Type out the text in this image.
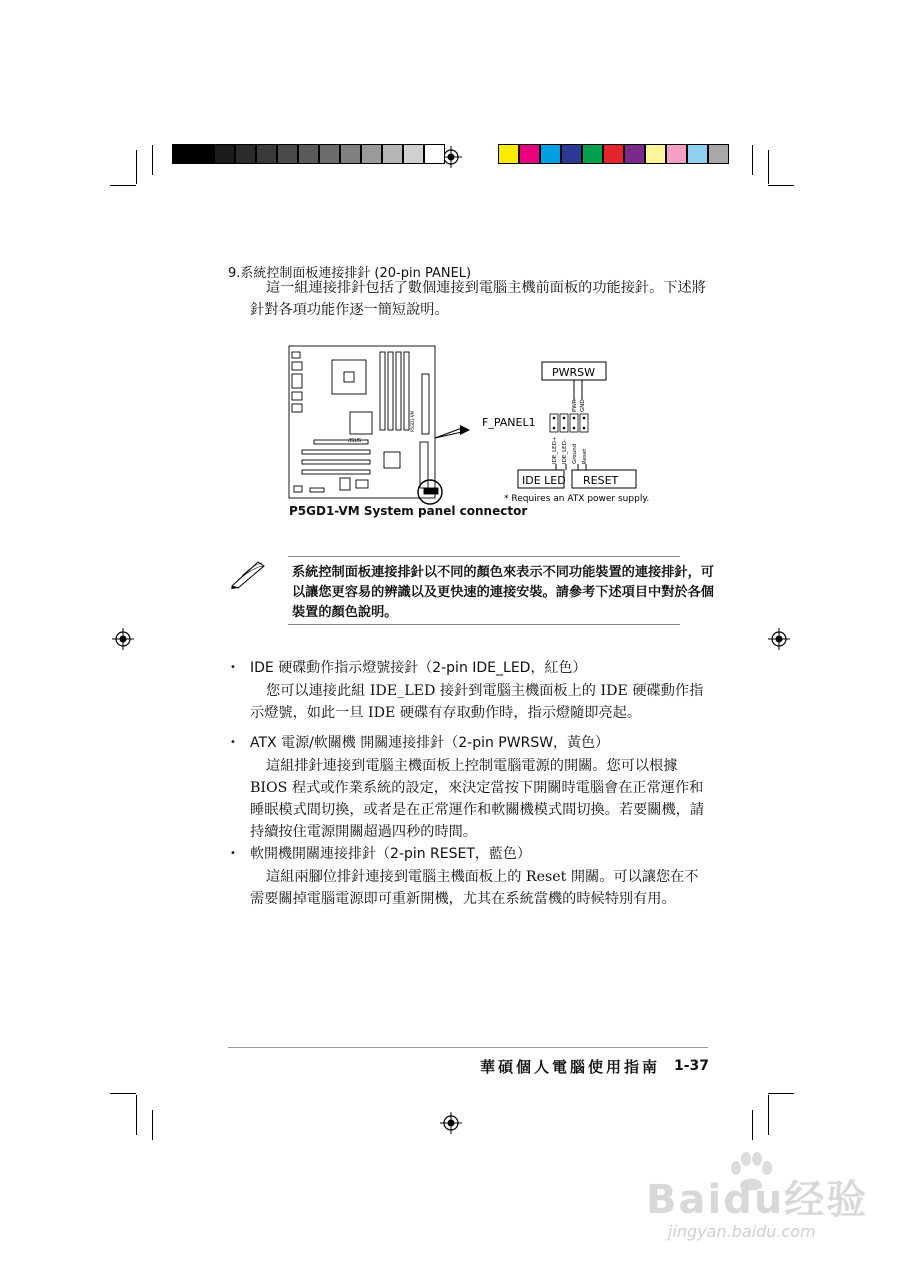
9.系統控制面板連接排針 (20-pin PANEL)
這一組連接排針包括了數個連接到電腦主機前面板的功能接針。下述將
針對各項功能作逐一簡短說明。
/ISUS
P5GD1-VM	F_PANEL1
PWRSW
PWR GND
IDE_LED+ IDE_LED- Ground Reset
IDE LED RESET
* Requires an ATX power supply.
P5GD1-VM System panel connector
系統控制面板連接排針以不同的顏色來表示不同功能裝置的連接排針，可
以讓您更容易的辨識以及更快速的連接安裝。請參考下述項目中對於各個
裝置的顏色說明。
• IDE 硬碟動作指示燈號接針（2-pin IDE_LED，紅色）
您可以連接此組 IDE_LED 接針到電腦主機面板上的 IDE 硬碟動作指
示燈號，如此一旦 IDE 硬碟有存取動作時，指示燈隨即亮起。
• ATX 電源/軟關機 開關連接排針（2-pin PWRSW，黃色）
這組排針連接到電腦主機面板上控制電腦電源的開關。您可以根據
BIOS 程式或作業系統的設定，來決定當按下開關時電腦會在正常運作和
睡眠模式間切換，或者是在正常運作和軟關機模式間切換。若要關機，請
持續按住電源開關超過四秒的時間。
• 軟開機開關連接排針（2-pin RESET，藍色）
這組兩腳位排針連接到電腦主機面板上的 Reset 開關。可以讓您在不
需要關掉電腦電源即可重新開機，尤其在系統當機的時候特別有用。
華碩個人電腦使用指南 1-37
Baidu经验
jingyan.baidu.com
